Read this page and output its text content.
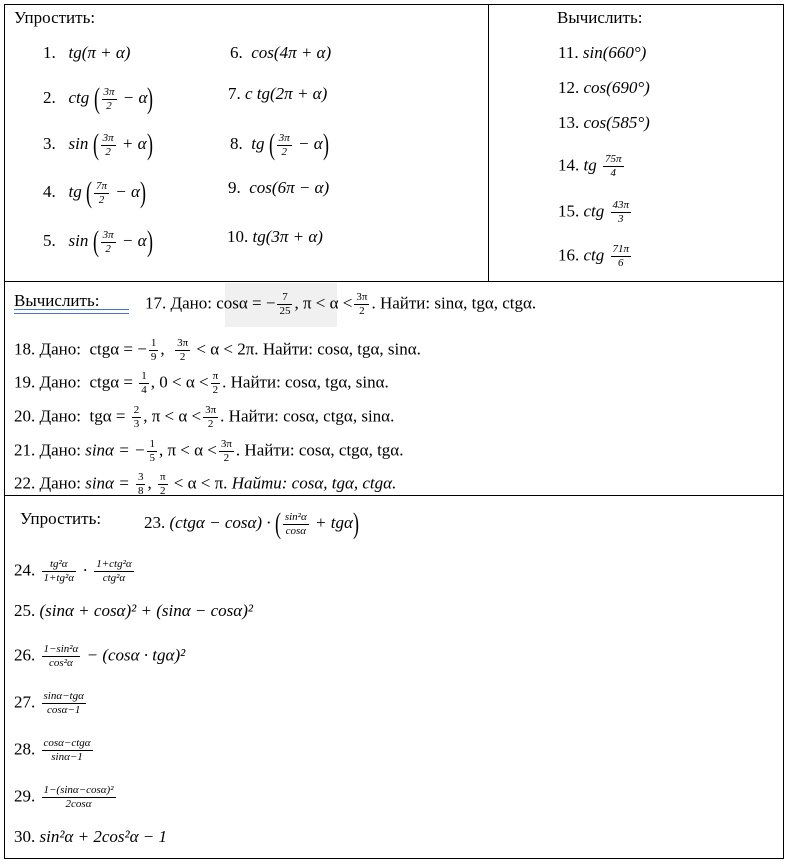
Упростить:	Вычислить:
1. tg(π + α)
2. ctg ( $\frac{3\pi}{2} - \alpha$)
3. sin ( $\frac{3\pi}{2} + \alpha$)
4. tg ( $\frac{7\pi}{2} - \alpha$)
5. sin ( $\frac{3\pi}{2} - \alpha$)
6. cos(4π + α)
7. c tg(2π + α)
8. tg ( $\frac{3\pi}{2} - \alpha$)
9. cos(6π − α)
10. tg(3π + α)
11. sin(660°)
12. cos(690°)
13. cos(585°)
14. tg $\frac{75\pi}{4}$
15. ctg $\frac{43\pi}{3}$
16. ctg $\frac{71\pi}{6}$
Вычислить:	17. Дано: cosα = − $\frac{7}{25}$ , $\pi < \alpha < \frac{3\pi}{2}$ . Найти: sinα, tgα, ctgα.
18. Дано: ctgα = − $\frac{1}{9}$ , $\frac{3\pi}{2} < \alpha < 2\pi$. Найти: cosα, tgα, sinα.
19. Дано: $ctg\alpha = \frac{1}{4}$ , $0 < \alpha < \frac{\pi}{2}$ . Найти: cosα, tgα, sinα.
20. Дано: $tg\alpha = \frac{2}{3}$ , $\pi < \alpha < \frac{3\pi}{2}$ . Найти: cosα, ctgα, sinα.
21. Дано: sinα = − $\frac{1}{5}$ , $\pi < \alpha < \frac{3\pi}{2}$ . Найти: cosα, ctgα, tgα.
22. Дано: $\sin\alpha = \frac{3}{8}$ , $\frac{\pi}{2} < \alpha < \pi$. Найти: cosα, tgα, ctgα.
Упростить:	23. (ctgα − cosα) · ( $\frac{\text{sin²α}}{\cos\alpha} + tg\alpha$)
24. $\frac{\text{tg²α}}{\text{1+tg²α}} \cdot 1+ctg^2\alpha$
ctg²α
25. (sinα + cosα)² + (sinα − cosα)²
26. $\frac{\text{1−sin²α}}{\text{cos²α}} - (\cos\alpha \cdot tg\alpha)^2$
27. sinα−tgα
cosα−1
28. cosα−ctgα
sinα−1
29. $\frac{\text{1−(sinα−cosα)²}}{2\cos\alpha}$
30. sin²α + 2cos²α − 1
